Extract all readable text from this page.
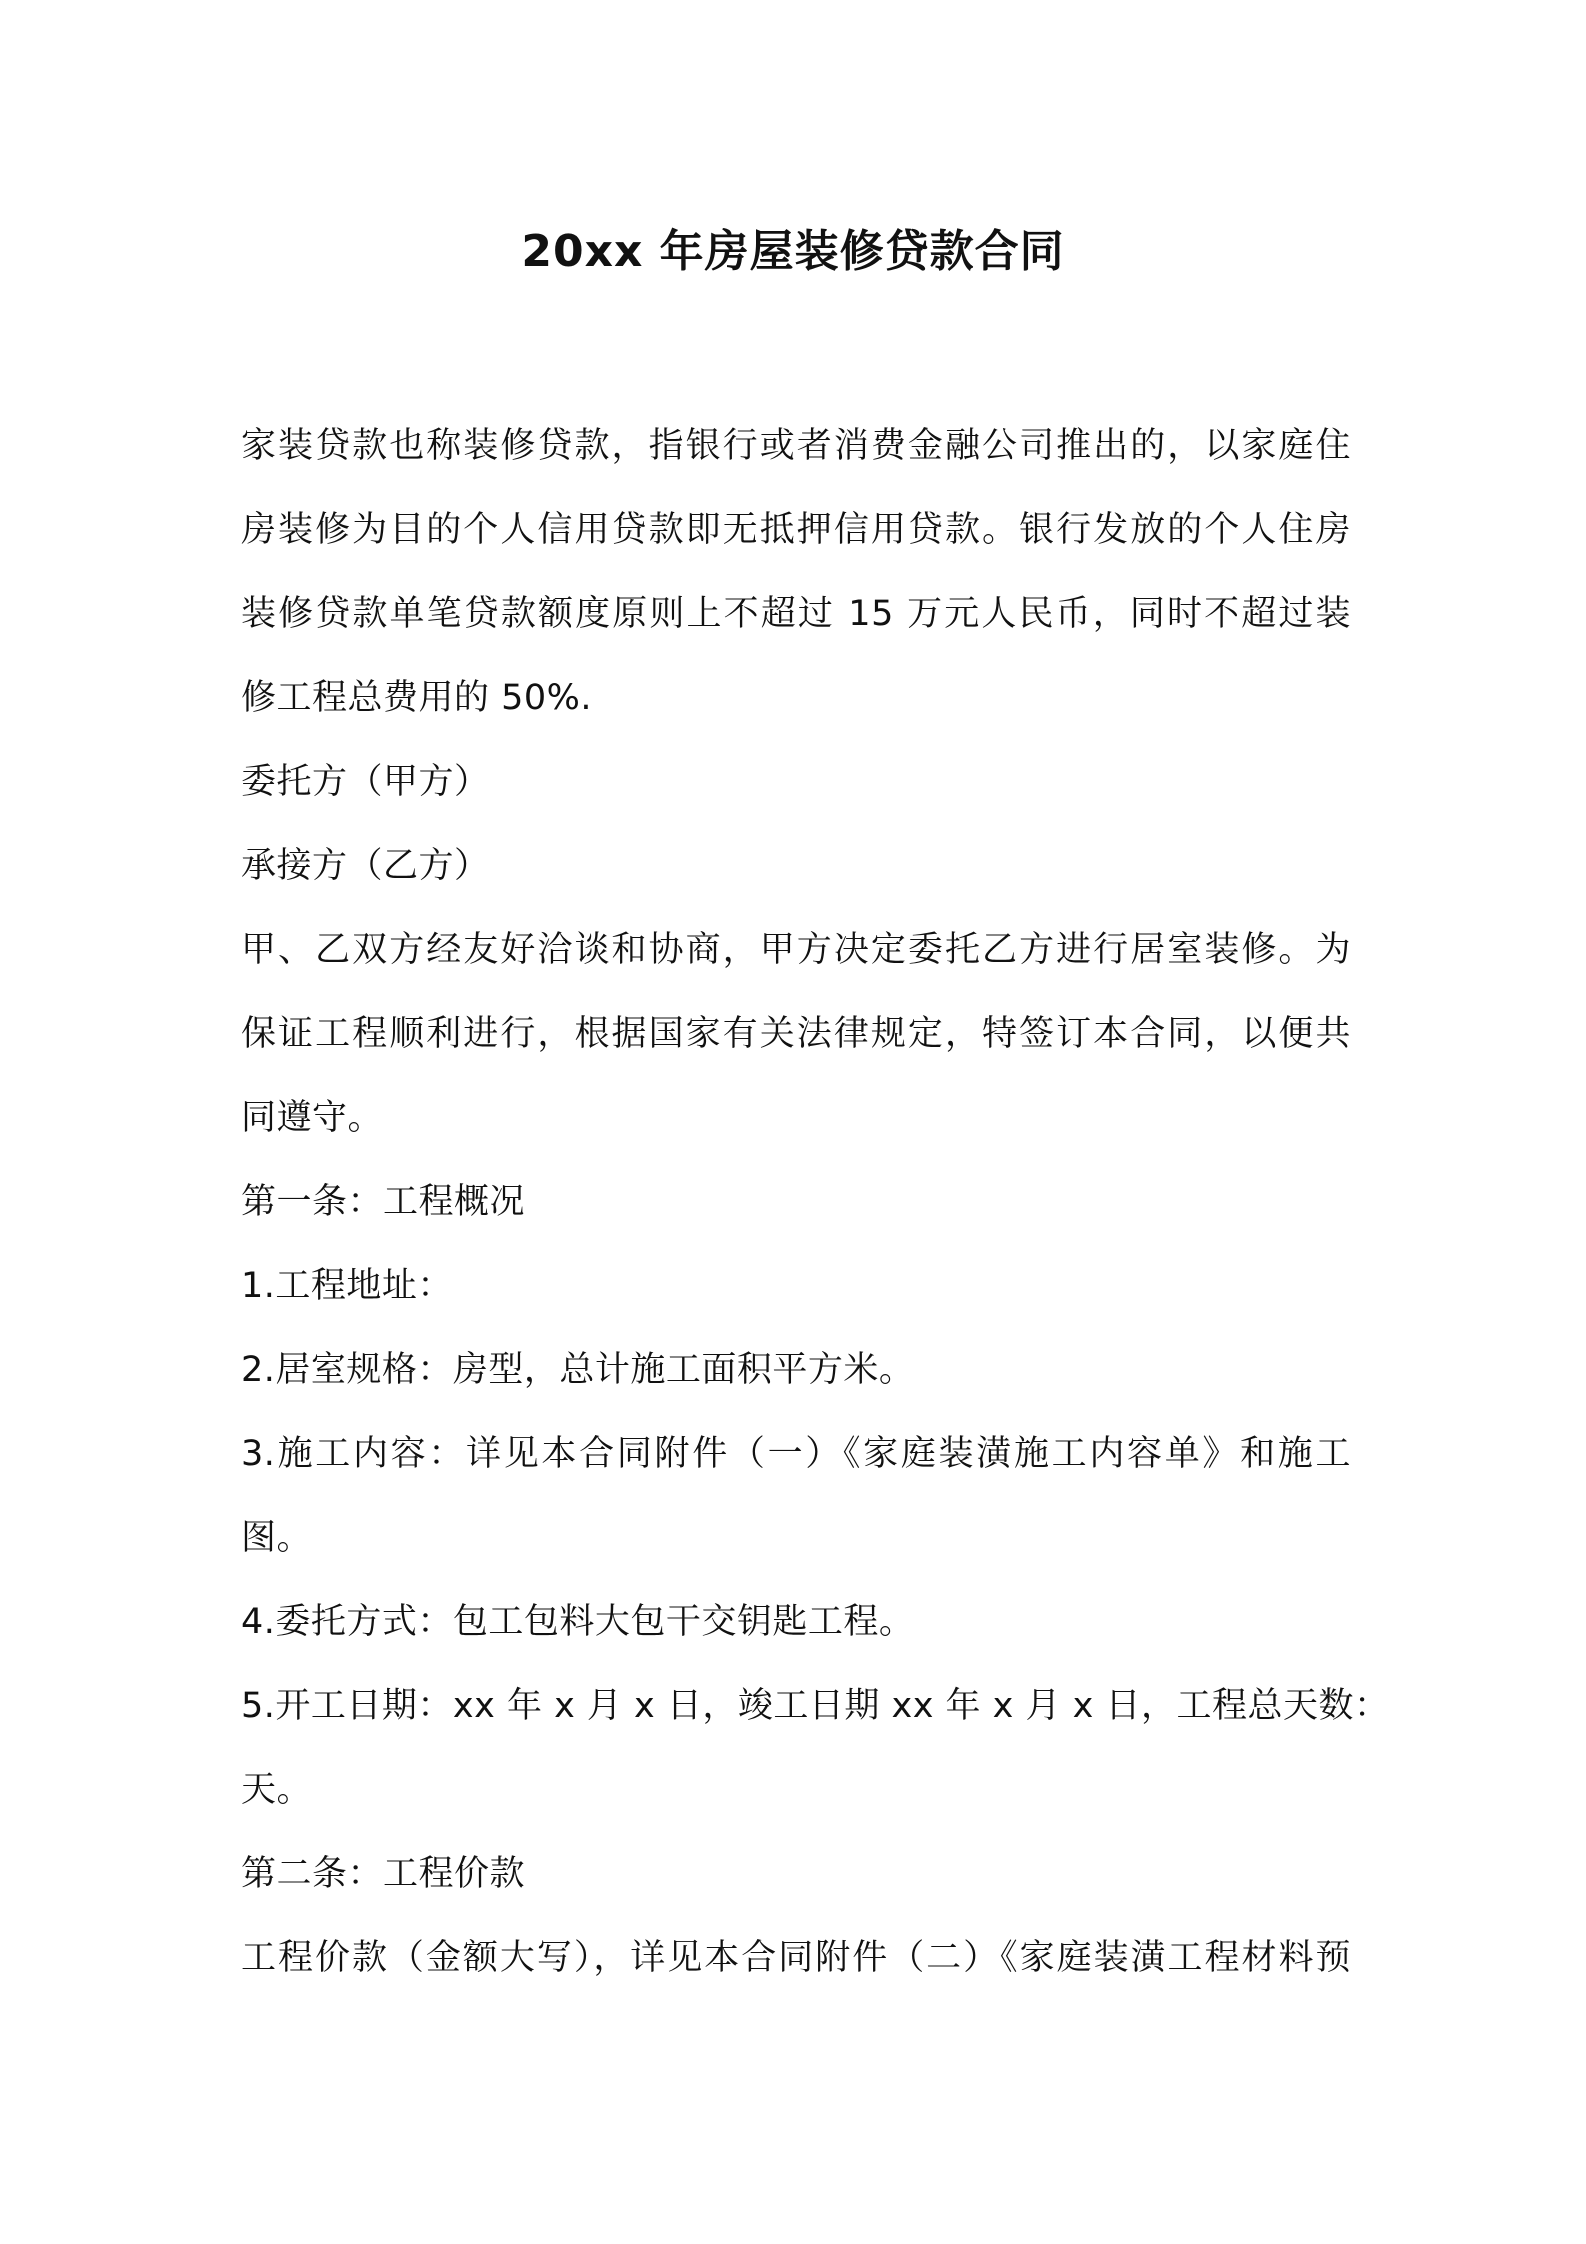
20xx 年房屋装修贷款合同
家装贷款也称装修贷款，指银行或者消费金融公司推出的，以家庭住
房装修为目的个人信用贷款即无抵押信用贷款。银行发放的个人住房
装修贷款单笔贷款额度原则上不超过 15 万元人民币，同时不超过装
修工程总费用的 50%.
委托方（甲方）
承接方（乙方）
甲、乙双方经友好洽谈和协商，甲方决定委托乙方进行居室装修。为
保证工程顺利进行，根据国家有关法律规定，特签订本合同，以便共
同遵守。
第一条：工程概况
1.工程地址：
2.居室规格：房型，总计施工面积平方米。
3.施工内容：详见本合同附件（一）《家庭装潢施工内容单》和施工
图。
4.委托方式：包工包料大包干交钥匙工程。
5.开工日期：xx 年 x 月 x 日，竣工日期 xx 年 x 月 x 日，工程总天数：
天。
第二条：工程价款
工程价款（金额大写），详见本合同附件（二）《家庭装潢工程材料预
